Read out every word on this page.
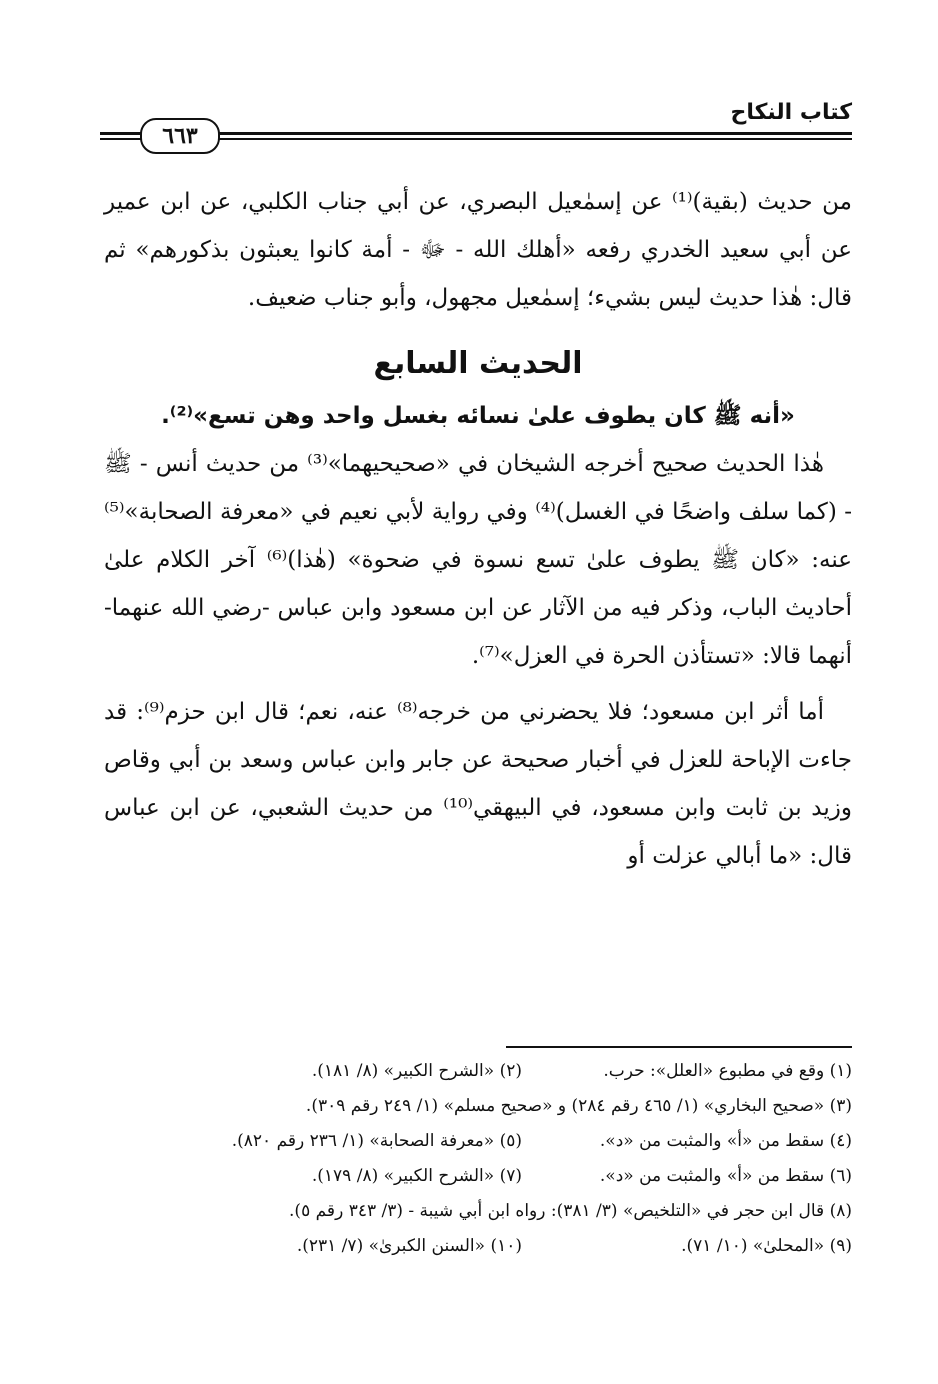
كتاب النكاح
٦٦٣

من حديث (بقية)⁽¹⁾ عن إسمٰعيل البصري، عن أبي جناب الكلبي، عن ابن عمير عن أبي سعيد الخدري رفعه «أهلك الله - ﷻ - أمة كانوا يعبثون بذكورهم» ثم قال: هٰذا حديث ليس بشيء؛ إسمٰعيل مجهول، وأبو جناب ضعيف.

الحديث السابع

«أنه ﷺ كان يطوف علىٰ نسائه بغسل واحد وهن تسع»⁽²⁾.

هٰذا الحديث صحيح أخرجه الشيخان في «صحيحيهما»⁽³⁾ من حديث أنس - ﷺ - (كما سلف واضحًا في الغسل)⁽⁴⁾ وفي رواية لأبي نعيم في «معرفة الصحابة»⁽⁵⁾ عنه: «كان ﷺ يطوف علىٰ تسع نسوة في ضحوة» (هٰذا)⁽⁶⁾ آخر الكلام علىٰ أحاديث الباب، وذكر فيه من الآثار عن ابن مسعود وابن عباس -رضي الله عنهما- أنهما قالا: «تستأذن الحرة في العزل»⁽⁷⁾.

أما أثر ابن مسعود؛ فلا يحضرني من خرجه⁽⁸⁾ عنه، نعم؛ قال ابن حزم⁽⁹⁾: قد جاءت الإباحة للعزل في أخبار صحيحة عن جابر وابن عباس وسعد بن أبي وقاص وزيد بن ثابت وابن مسعود، في البيهقي⁽¹⁰⁾ من حديث الشعبي، عن ابن عباس قال: «ما أبالي عزلت أو

(١) وقع في مطبوع «العلل»: حرب.(٢) «الشرح الكبير» (٨/ ١٨١).
(٣) «صحيح البخاري» (١/ ٤٦٥ رقم ٢٨٤) و «صحيح مسلم» (١/ ٢٤٩ رقم ٣٠٩).
(٤) سقط من «أ» والمثبت من «د».(٥) «معرفة الصحابة» (١/ ٢٣٦ رقم ٨٢٠).
(٦) سقط من «أ» والمثبت من «د».(٧) «الشرح الكبير» (٨/ ١٧٩).
(٨) قال ابن حجر في «التلخيص» (٣/ ٣٨١): رواه ابن أبي شيبة - (٣/ ٣٤٣ رقم ٥).
(٩) «المحلىٰ» (١٠/ ٧١).(١٠) «السنن الكبرىٰ» (٧/ ٢٣١).
